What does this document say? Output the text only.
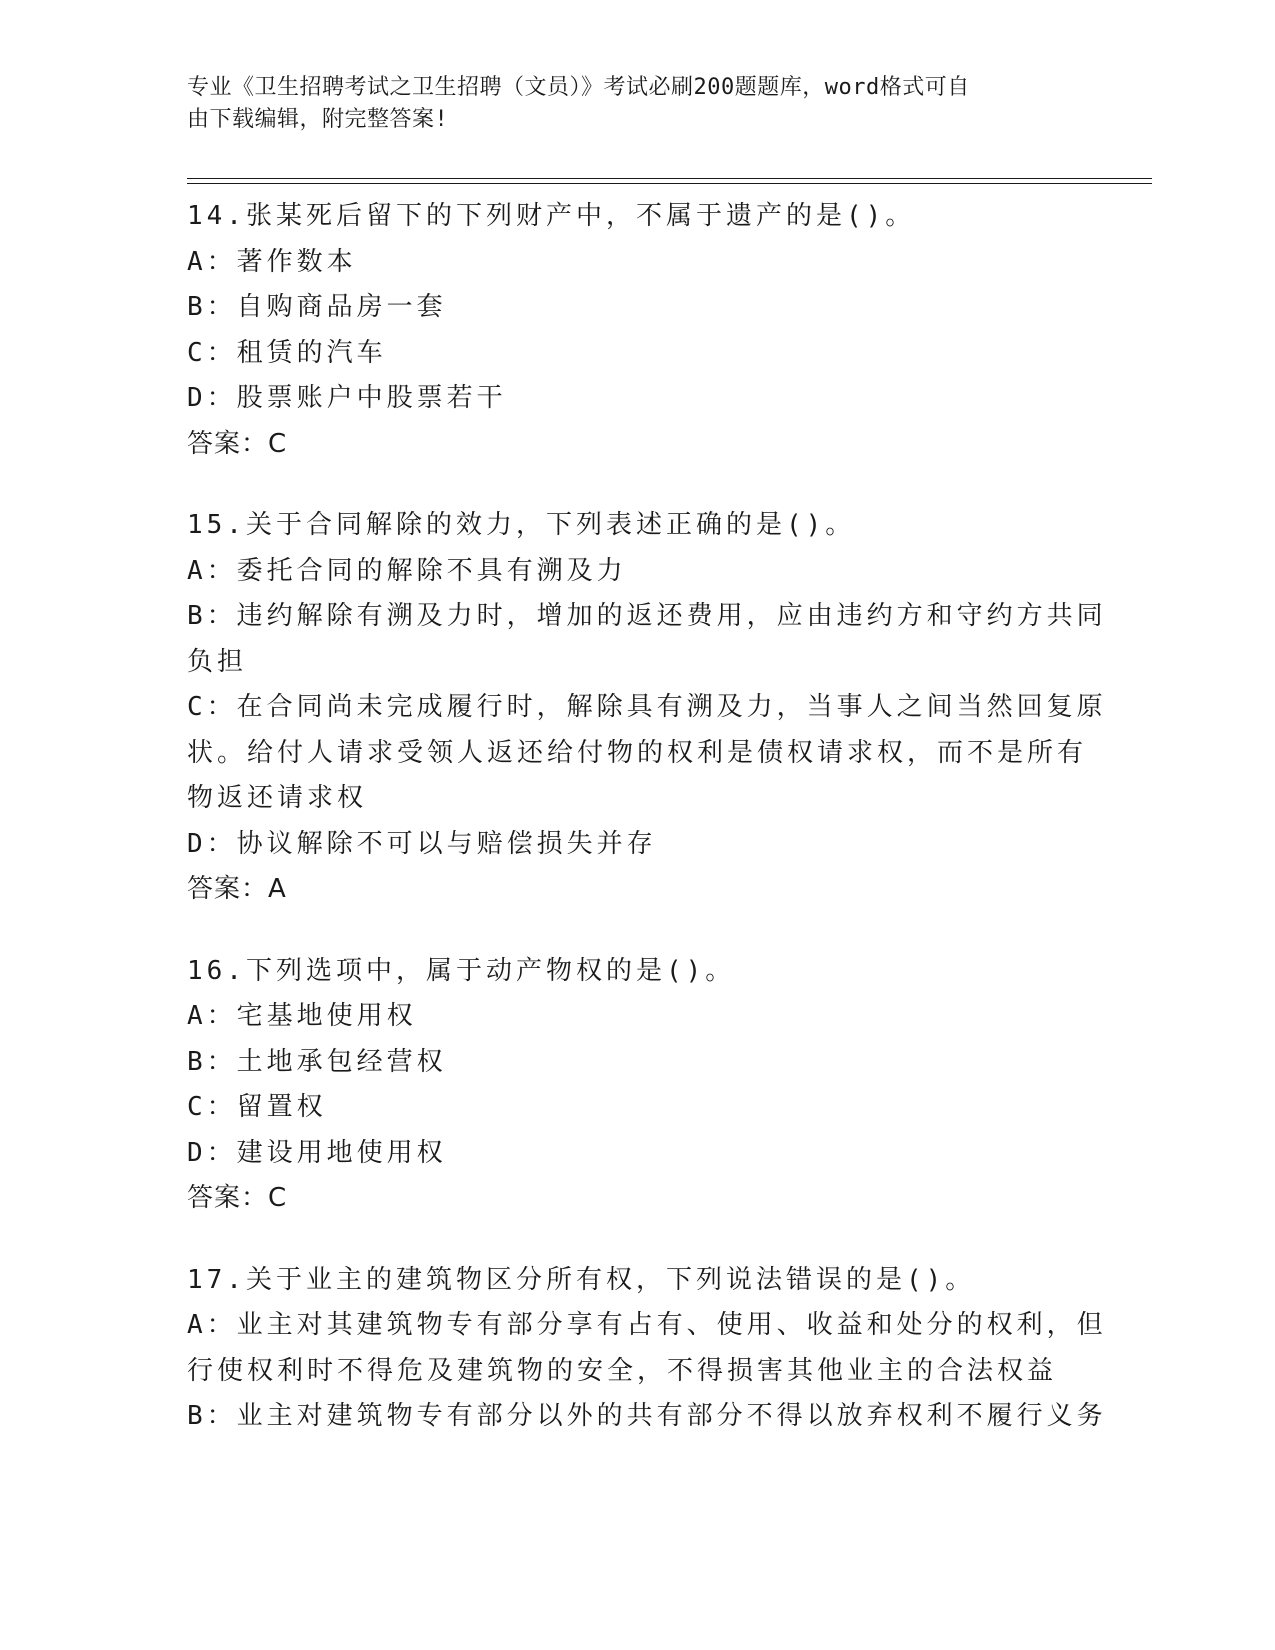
专业《卫生招聘考试之卫生招聘（文员）》考试必刷200题题库，word格式可自
由下载编辑，附完整答案!
14.张某死后留下的下列财产中，不属于遗产的是()。
A：著作数本
B：自购商品房一套
C：租赁的汽车
D：股票账户中股票若干
答案：C
15.关于合同解除的效力，下列表述正确的是()。
A：委托合同的解除不具有溯及力
B：违约解除有溯及力时，增加的返还费用，应由违约方和守约方共同
负担
C：在合同尚未完成履行时，解除具有溯及力，当事人之间当然回复原
状。给付人请求受领人返还给付物的权利是债权请求权，而不是所有
物返还请求权
D：协议解除不可以与赔偿损失并存
答案：A
16.下列选项中，属于动产物权的是()。
A：宅基地使用权
B：土地承包经营权
C：留置权
D：建设用地使用权
答案：C
17.关于业主的建筑物区分所有权，下列说法错误的是()。
A：业主对其建筑物专有部分享有占有、使用、收益和处分的权利，但
行使权利时不得危及建筑物的安全，不得损害其他业主的合法权益
B：业主对建筑物专有部分以外的共有部分不得以放弃权利不履行义务
